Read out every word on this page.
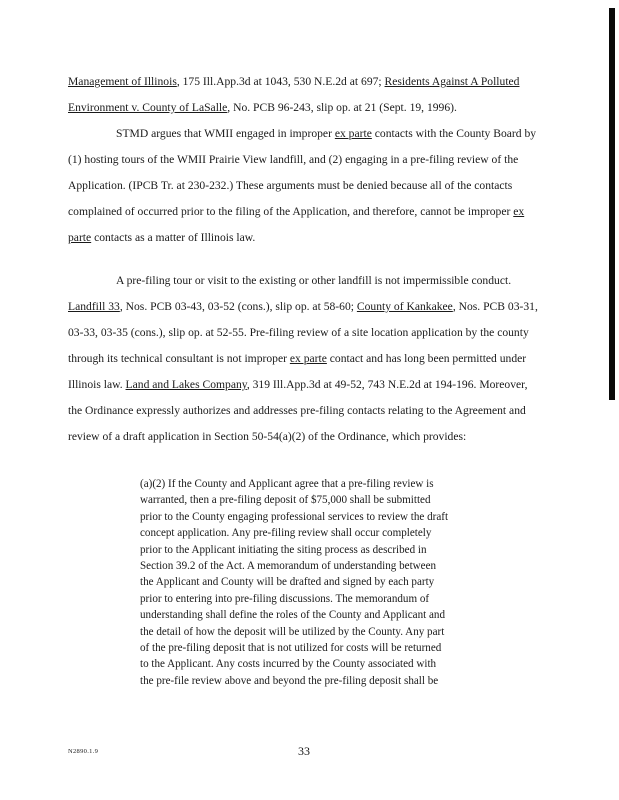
Management of Illinois, 175 Ill.App.3d at 1043, 530 N.E.2d at 697; Residents Against A Polluted
Environment v. County of LaSalle, No. PCB 96-243, slip op. at 21 (Sept. 19, 1996).

STMD argues that WMII engaged in improper ex parte contacts with the County Board by
(1) hosting tours of the WMII Prairie View landfill, and (2) engaging in a pre-filing review of the
Application. (IPCB Tr. at 230-232.) These arguments must be denied because all of the contacts
complained of occurred prior to the filing of the Application, and therefore, cannot be improper ex
parte contacts as a matter of Illinois law.

A pre-filing tour or visit to the existing or other landfill is not impermissible conduct.
Landfill 33, Nos. PCB 03-43, 03-52 (cons.), slip op. at 58-60; County of Kankakee, Nos. PCB 03-31,
03-33, 03-35 (cons.), slip op. at 52-55. Pre-filing review of a site location application by the county
through its technical consultant is not improper ex parte contact and has long been permitted under
Illinois law. Land and Lakes Company, 319 Ill.App.3d at 49-52, 743 N.E.2d at 194-196. Moreover,
the Ordinance expressly authorizes and addresses pre-filing contacts relating to the Agreement and
review of a draft application in Section 50-54(a)(2) of the Ordinance, which provides:

(a)(2) If the County and Applicant agree that a pre-filing review is
warranted, then a pre-filing deposit of $75,000 shall be submitted
prior to the County engaging professional services to review the draft
concept application. Any pre-filing review shall occur completely
prior to the Applicant initiating the siting process as described in
Section 39.2 of the Act. A memorandum of understanding between
the Applicant and County will be drafted and signed by each party
prior to entering into pre-filing discussions. The memorandum of
understanding shall define the roles of the County and Applicant and
the detail of how the deposit will be utilized by the County. Any part
of the pre-filing deposit that is not utilized for costs will be returned
to the Applicant. Any costs incurred by the County associated with
the pre-file review above and beyond the pre-filing deposit shall be

N2890.1.9	33
